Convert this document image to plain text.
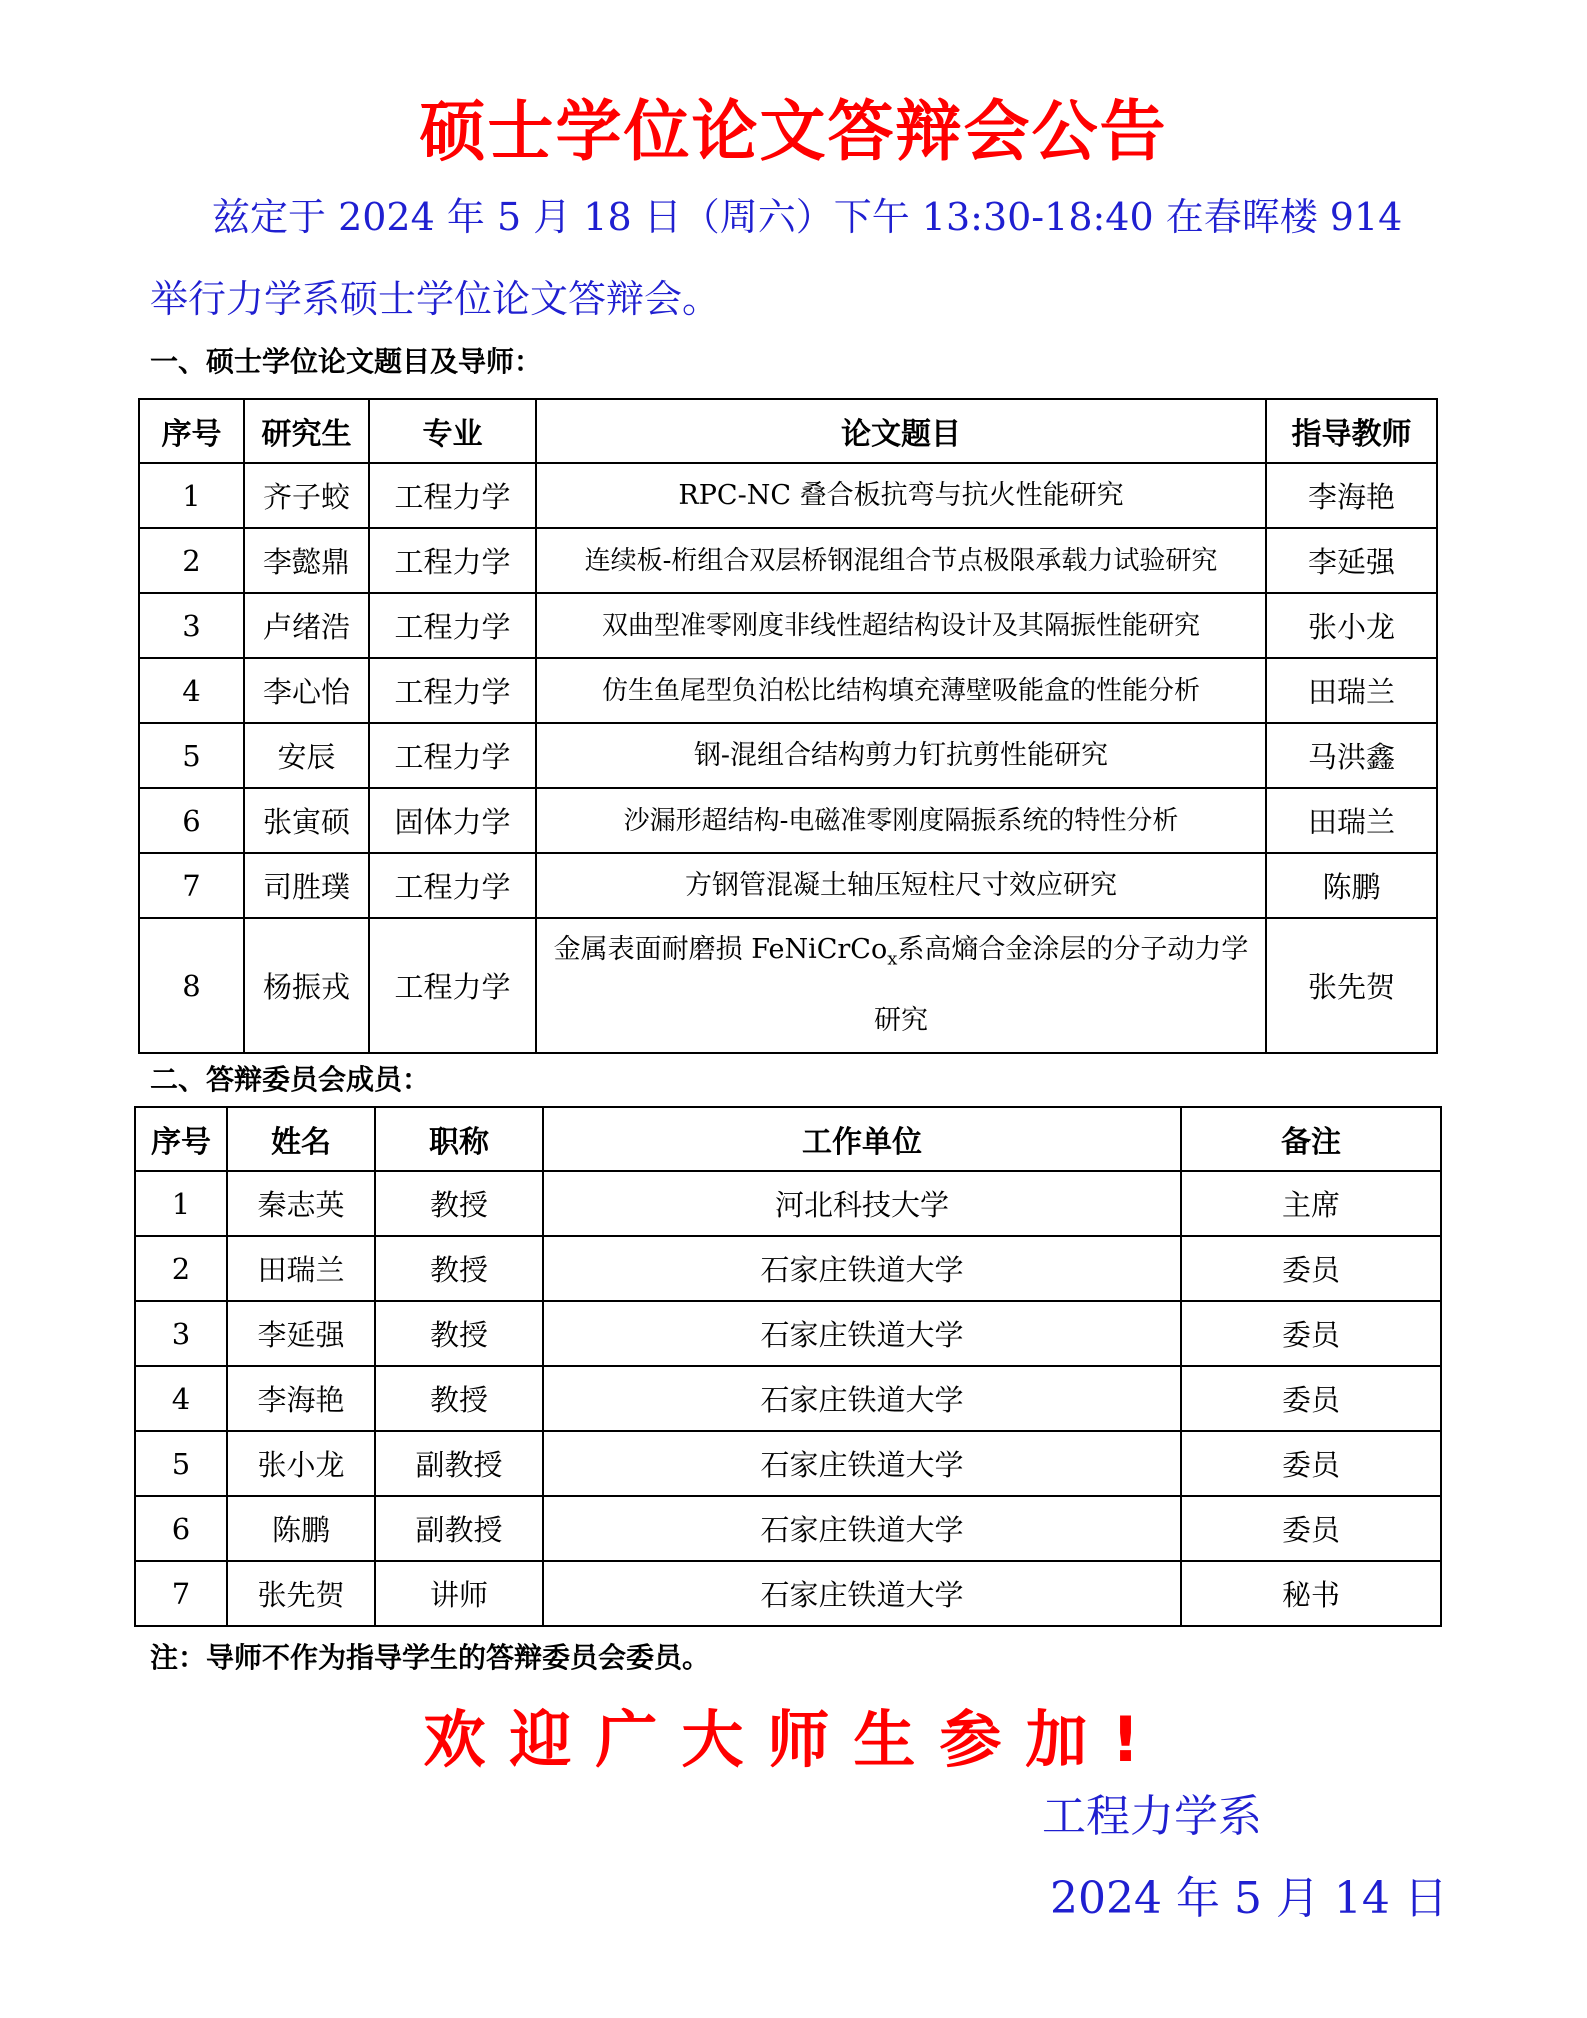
硕士学位论文答辩会公告
兹定于 2024 年 5 月 18 日（周六）下午 13:30-18:40 在春晖楼 914 举行力学系硕士学位论文答辩会。
一、硕士学位论文题目及导师：
序号	研究生	专业	论文题目	指导教师
1	齐子蛟	工程力学	RPC-NC 叠合板抗弯与抗火性能研究	李海艳
2	李懿鼎	工程力学	连续板-桁组合双层桥钢混组合节点极限承载力试验研究	李延强
3	卢绪浩	工程力学	双曲型准零刚度非线性超结构设计及其隔振性能研究	张小龙
4	李心怡	工程力学	仿生鱼尾型负泊松比结构填充薄壁吸能盒的性能分析	田瑞兰
5	安辰	工程力学	钢-混组合结构剪力钉抗剪性能研究	马洪鑫
6	张寅硕	固体力学	沙漏形超结构-电磁准零刚度隔振系统的特性分析	田瑞兰
7	司胜璞	工程力学	方钢管混凝土轴压短柱尺寸效应研究	陈鹏
8	杨振戎	工程力学	金属表面耐磨损 FeNiCrCo$_x$系高熵合金涂层的分子动力学研究	张先贺
二、答辩委员会成员：
序号	姓名	职称	工作单位	备注
1	秦志英	教授	河北科技大学	主席
2	田瑞兰	教授	石家庄铁道大学	委员
3	李延强	教授	石家庄铁道大学	委员
4	李海艳	教授	石家庄铁道大学	委员
5	张小龙	副教授	石家庄铁道大学	委员
6	陈鹏	副教授	石家庄铁道大学	委员
7	张先贺	讲师	石家庄铁道大学	秘书
注：导师不作为指导学生的答辩委员会委员。
欢迎广大师生参加!
工程力学系
2024 年 5 月 14 日
